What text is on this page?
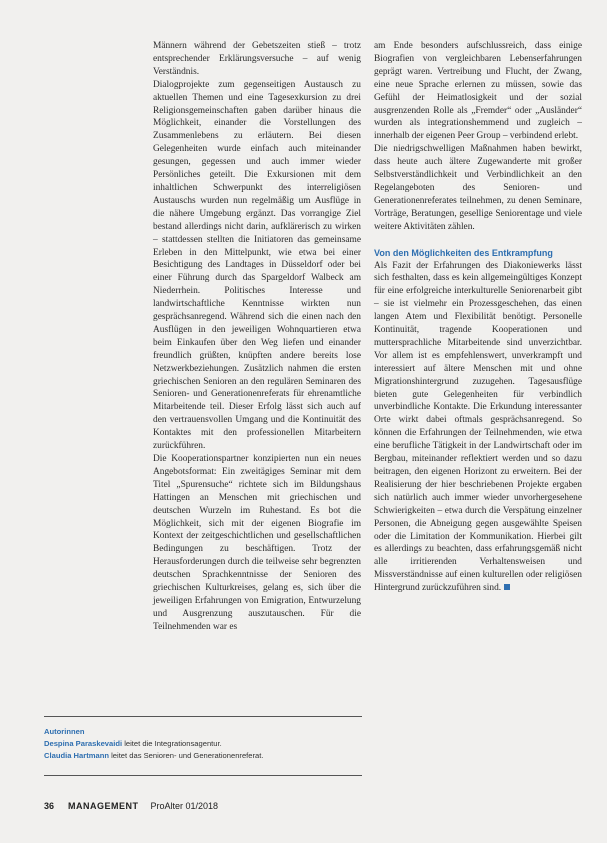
Männern während der Gebetszeiten stieß – trotz entsprechender Erklärungsversuche – auf wenig Verständnis.

Dialogprojekte zum gegenseitigen Austausch zu aktuellen Themen und eine Tagesexkursion zu drei Religionsgemeinschaften gaben darüber hinaus die Möglichkeit, einander die Vorstellungen des Zusammenlebens zu erläutern. Bei diesen Gelegenheiten wurde einfach auch miteinander gesungen, gegessen und auch immer wieder Persönliches geteilt. Die Exkursionen mit dem inhaltlichen Schwerpunkt des interreligiösen Austauschs wurden nun regelmäßig um Ausflüge in die nähere Umgebung ergänzt. Das vorrangige Ziel bestand allerdings nicht darin, aufklärerisch zu wirken – stattdessen stellten die Initiatoren das gemeinsame Erleben in den Mittelpunkt, wie etwa bei einer Besichtigung des Landtages in Düsseldorf oder bei einer Führung durch das Spargeldorf Walbeck am Niederrhein. Politisches Interesse und landwirtschaftliche Kenntnisse wirkten nun gesprächsanregend. Während sich die einen nach den Ausflügen in den jeweiligen Wohnquartieren etwa beim Einkaufen über den Weg liefen und einander freundlich grüßten, knüpften andere bereits lose Netzwerkbeziehungen. Zusätzlich nahmen die ersten griechischen Senioren an den regulären Seminaren des Senioren- und Generationenreferats für ehrenamtliche Mitarbeitende teil. Dieser Erfolg lässt sich auch auf den vertrauensvollen Umgang und die Kontinuität des Kontaktes mit den professionellen Mitarbeitern zurückführen.

Die Kooperationspartner konzipierten nun ein neues Angebotsformat: Ein zweitägiges Seminar mit dem Titel „Spurensuche“ richtete sich im Bildungshaus Hattingen an Menschen mit griechischen und deutschen Wurzeln im Ruhestand. Es bot die Möglichkeit, sich mit der eigenen Biografie im Kontext der zeitgeschichtlichen und gesellschaftlichen Bedingungen zu beschäftigen. Trotz der Herausforderungen durch die teilweise sehr begrenzten deutschen Sprachkenntnisse der Senioren des griechischen Kulturkreises, gelang es, sich über die jeweiligen Erfahrungen von Emigration, Entwurzelung und Ausgrenzung auszutauschen. Für die Teilnehmenden war es

am Ende besonders aufschlussreich, dass einige Biografien von vergleichbaren Lebenserfahrungen geprägt waren. Vertreibung und Flucht, der Zwang, eine neue Sprache erlernen zu müssen, sowie das Gefühl der Heimatlosigkeit und der sozial ausgrenzenden Rolle als „Fremder“ oder „Ausländer“ wurden als integrationshemmend und zugleich – innerhalb der eigenen Peer Group – verbindend erlebt.

Die niedrigschwelligen Maßnahmen haben bewirkt, dass heute auch ältere Zugewanderte mit großer Selbstverständlichkeit und Verbindlichkeit an den Regelangeboten des Senioren- und Generationenreferates teilnehmen, zu denen Seminare, Vorträge, Beratungen, gesellige Seniorentage und viele weitere Aktivitäten zählen.

Von den Möglichkeiten des Entkrampfung

Als Fazit der Erfahrungen des Diakoniewerks lässt sich festhalten, dass es kein allgemeingültiges Konzept für eine erfolgreiche interkulturelle Seniorenarbeit gibt – sie ist vielmehr ein Prozessgeschehen, das einen langen Atem und Flexibilität benötigt. Personelle Kontinuität, tragende Kooperationen und muttersprachliche Mitarbeitende sind unverzichtbar. Vor allem ist es empfehlenswert, unverkrampft und interessiert auf ältere Menschen mit und ohne Migrationshintergrund zuzugehen. Tagesausflüge bieten gute Gelegenheiten für verbindlich unverbindliche Kontakte. Die Erkundung interessanter Orte wirkt dabei oftmals gesprächsanregend. So können die Erfahrungen der Teilnehmenden, wie etwa eine berufliche Tätigkeit in der Landwirtschaft oder im Bergbau, miteinander reflektiert werden und so dazu beitragen, den eigenen Horizont zu erweitern. Bei der Realisierung der hier beschriebenen Projekte ergaben sich natürlich auch immer wieder unvorhergesehene Schwierigkeiten – etwa durch die Verspätung einzelner Personen, die Abneigung gegen ausgewählte Speisen oder die Limitation der Kommunikation. Hierbei gilt es allerdings zu beachten, dass erfahrungsgemäß nicht alle irritierenden Verhaltensweisen und Missverständnisse auf einen kulturellen oder religiösen Hintergrund zurückzuführen sind.

Autorinnen
Despina Paraskevaidi leitet die Integrationsagentur.
Claudia Hartmann leitet das Senioren- und Generationenreferat.
36 MANAGEMENT ProAlter 01/2018
